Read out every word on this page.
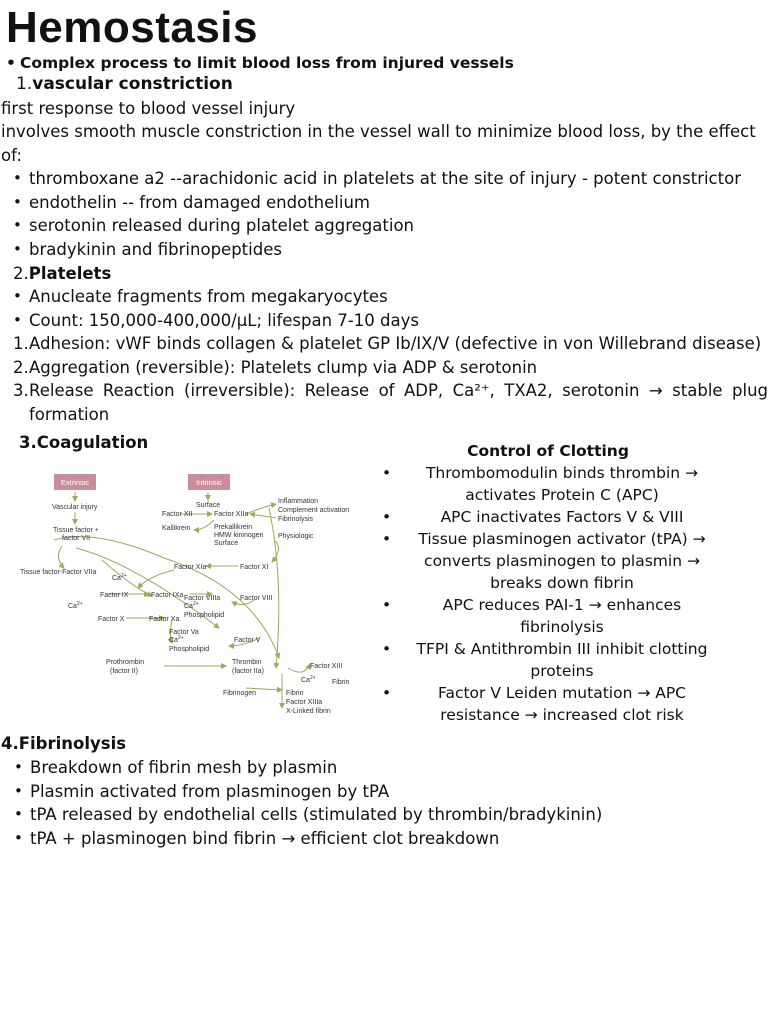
Hemostasis
• Complex process to limit blood loss from injured vessels
1.vascular constriction
first response to blood vessel injury
involves smooth muscle constriction in the vessel wall to minimize blood loss, by the effect
of:
• thromboxane a2 --arachidonic acid in platelets at the site of injury - potent constrictor
• endothelin -- from damaged endothelium
• serotonin released during platelet aggregation
• bradykinin and fibrinopeptides
2.Platelets
• Anucleate fragments from megakaryocytes
• Count: 150,000-400,000/μL; lifespan 7-10 days
1. Adhesion: vWF binds collagen & platelet GP Ib/IX/V (defective in von Willebrand disease)
2. Aggregation (reversible): Platelets clump via ADP & serotonin
3. Release Reaction (irreversible): Release of ADP, Ca²⁺, TXA2, serotonin → stable plug
formation
3.Coagulation
Extrinsic	Intrinsic
Vascular injury
Tissue factor +
factor VII
Tissue factor-Factor VIIa
Surface
Factor XII	Factor XIIa
Kallikrein	Prekallikrein
HMW kininogen
Surface
Inflammation
Complement activation
Fibrinolysis
Physiologic
Factor XIa	Factor XI
$Ca^{2+}$
Factor IX	Factor IXa Factor VIIIa
$Ca^{2+}$
Phospholipid
Factor VIII
$Ca^{2+}$
Factor X	Factor Xa
Factor Va
$Ca^{2+}$
Phospholipid
Factor V
Prothrombin
(factor II)
Thrombin
(factor IIa)
Factor XIII
$Ca^{2+}$
Fibrin
Fibrinogen	Fibrin
Factor XIIIa
X-Linked fibrin
Control of Clotting
•	Thrombomodulin binds thrombin →
activates Protein C (APC)
•	APC inactivates Factors V & VIII
•	Tissue plasminogen activator (tPA) →
converts plasminogen to plasmin →
breaks down fibrin
•	APC reduces PAI-1 → enhances
fibrinolysis
• TFPI & Antithrombin III inhibit clotting
proteins
•	Factor V Leiden mutation → APC
resistance → increased clot risk
4.Fibrinolysis
• Breakdown of fibrin mesh by plasmin
• Plasmin activated from plasminogen by tPA
• tPA released by endothelial cells (stimulated by thrombin/bradykinin)
• tPA + plasminogen bind fibrin → efficient clot breakdown
